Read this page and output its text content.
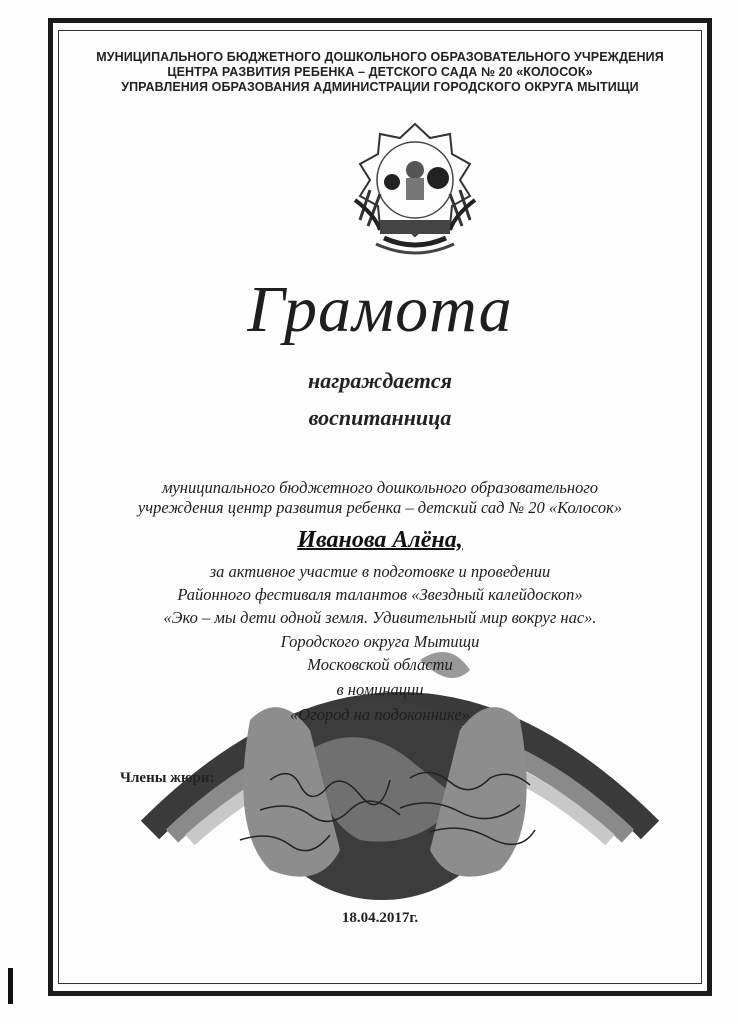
МУНИЦИПАЛЬНОГО БЮДЖЕТНОГО ДОШКОЛЬНОГО ОБРАЗОВАТЕЛЬНОГО УЧРЕЖДЕНИЯ
ЦЕНТРА РАЗВИТИЯ РЕБЕНКА – ДЕТСКОГО САДА № 20 «КОЛОСОК»
УПРАВЛЕНИЯ ОБРАЗОВАНИЯ АДМИНИСТРАЦИИ ГОРОДСКОГО ОКРУГА МЫТИЩИ
Грамота
награждается
воспитанница
муниципального бюджетного дошкольного образовательного
учреждения центр развития ребенка – детский сад № 20 «Колосок»
Иванова Алёна,
за активное участие в подготовке и проведении
Районного фестиваля талантов «Звездный калейдоскоп»
«Эко – мы дети одной земля. Удивительный мир вокруг нас».
Городского округа Мытищи
Московской области
в номинации
«Огород на подоконнике»
Члены жюри:
18.04.2017г.
